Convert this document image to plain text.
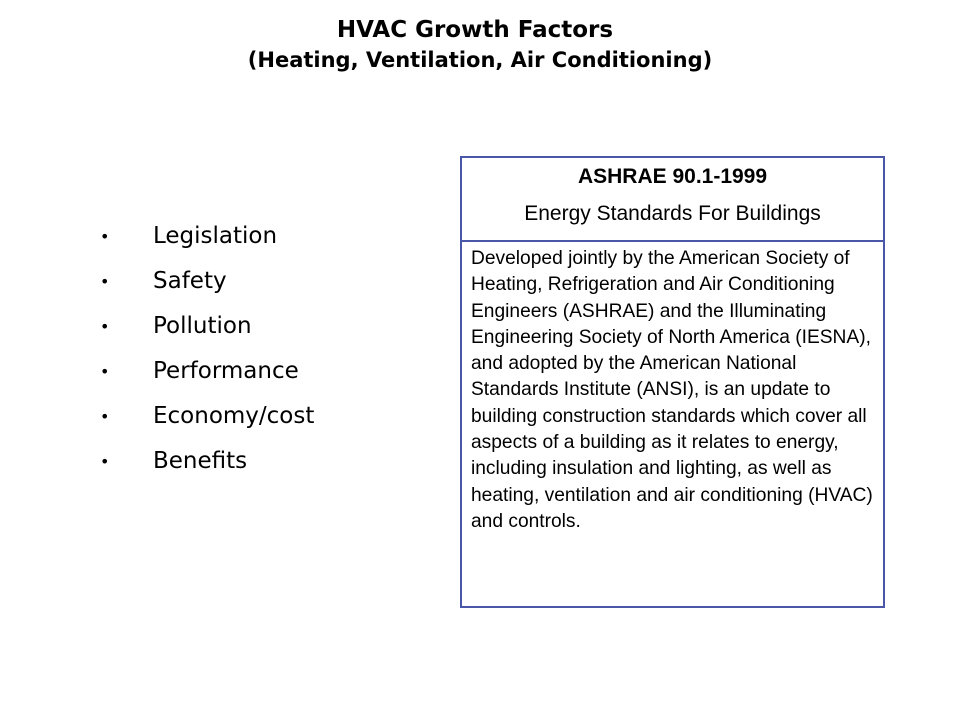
HVAC Growth Factors
(Heating, Ventilation, Air Conditioning)
• Legislation
• Safety
• Pollution
• Performance
• Economy/cost
• Benefits
ASHRAE 90.1-1999
Energy Standards For Buildings
Developed jointly by the American Society of Heating, Refrigeration and Air Conditioning Engineers (ASHRAE) and the Illuminating Engineering Society of North America (IESNA), and adopted by the American National Standards Institute (ANSI), is an update to building construction standards which cover all aspects of a building as it relates to energy, including insulation and lighting, as well as heating, ventilation and air conditioning (HVAC) and controls.
